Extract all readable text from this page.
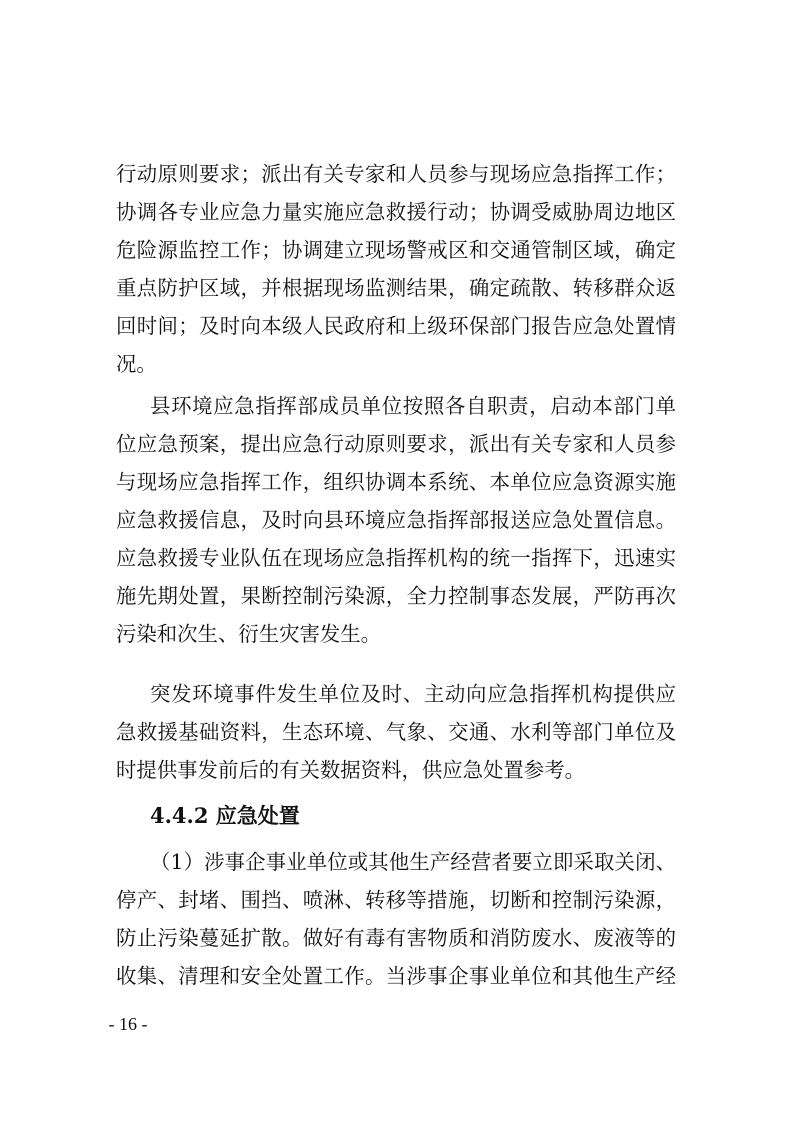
行动原则要求；派出有关专家和人员参与现场应急指挥工作；
协调各专业应急力量实施应急救援行动；协调受威胁周边地区
危险源监控工作；协调建立现场警戒区和交通管制区域，确定
重点防护区域，并根据现场监测结果，确定疏散、转移群众返
回时间；及时向本级人民政府和上级环保部门报告应急处置情
况。
县环境应急指挥部成员单位按照各自职责，启动本部门单
位应急预案，提出应急行动原则要求，派出有关专家和人员参
与现场应急指挥工作，组织协调本系统、本单位应急资源实施
应急救援信息，及时向县环境应急指挥部报送应急处置信息。
应急救援专业队伍在现场应急指挥机构的统一指挥下，迅速实
施先期处置，果断控制污染源，全力控制事态发展，严防再次
污染和次生、衍生灾害发生。
突发环境事件发生单位及时、主动向应急指挥机构提供应
急救援基础资料，生态环境、气象、交通、水利等部门单位及
时提供事发前后的有关数据资料，供应急处置参考。
4.4.2 应急处置
（1）涉事企事业单位或其他生产经营者要立即采取关闭、
停产、封堵、围挡、喷淋、转移等措施，切断和控制污染源，
防止污染蔓延扩散。做好有毒有害物质和消防废水、废液等的
收集、清理和安全处置工作。当涉事企事业单位和其他生产经
- 16 -
